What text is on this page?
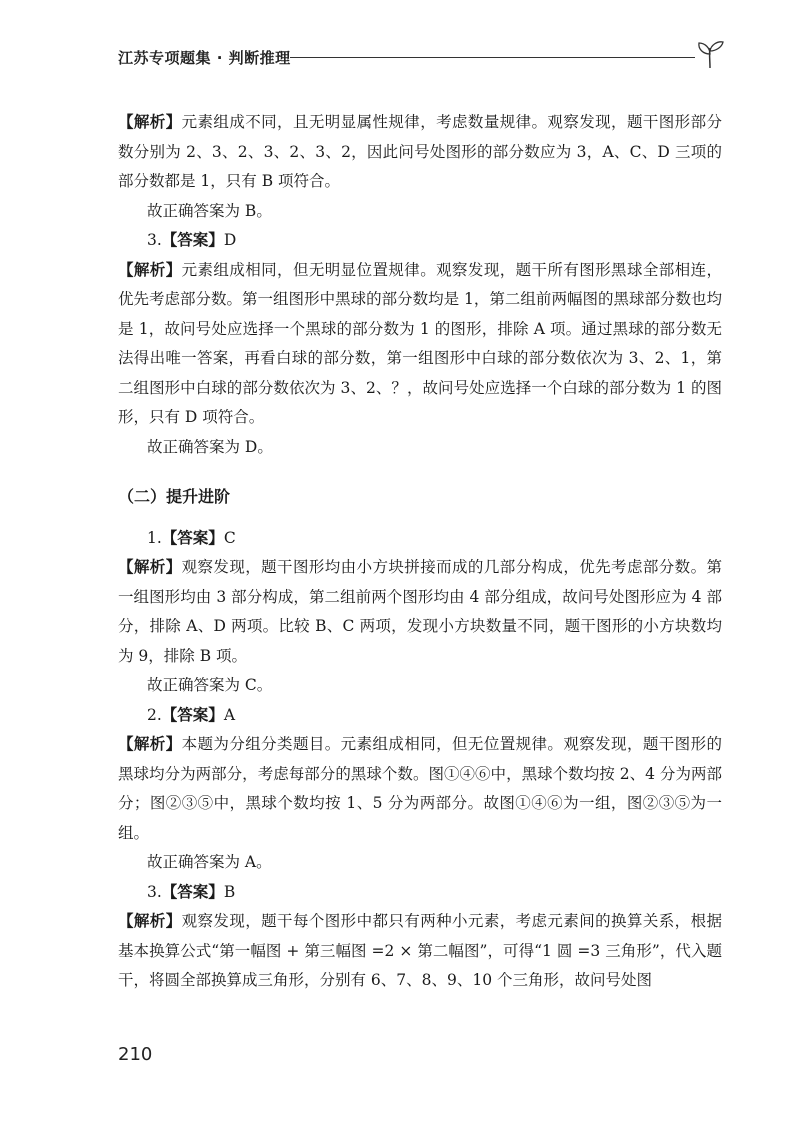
江苏专项题集 · 判断推理

【解析】元素组成不同，且无明显属性规律，考虑数量规律。观察发现，题干图形部分数分别为 2、3、2、3、2、3、2，因此问号处图形的部分数应为 3，A、C、D 三项的部分数都是 1，只有 B 项符合。

故正确答案为 B。

3.【答案】D

【解析】元素组成相同，但无明显位置规律。观察发现，题干所有图形黑球全部相连，优先考虑部分数。第一组图形中黑球的部分数均是 1，第二组前两幅图的黑球部分数也均是 1，故问号处应选择一个黑球的部分数为 1 的图形，排除 A 项。通过黑球的部分数无法得出唯一答案，再看白球的部分数，第一组图形中白球的部分数依次为 3、2、1，第二组图形中白球的部分数依次为 3、2、？，故问号处应选择一个白球的部分数为 1 的图形，只有 D 项符合。

故正确答案为 D。

（二）提升进阶

1.【答案】C

【解析】观察发现，题干图形均由小方块拼接而成的几部分构成，优先考虑部分数。第一组图形均由 3 部分构成，第二组前两个图形均由 4 部分组成，故问号处图形应为 4 部分，排除 A、D 两项。比较 B、C 两项，发现小方块数量不同，题干图形的小方块数均为 9，排除 B 项。

故正确答案为 C。

2.【答案】A

【解析】本题为分组分类题目。元素组成相同，但无位置规律。观察发现，题干图形的黑球均分为两部分，考虑每部分的黑球个数。图①④⑥中，黑球个数均按 2、4 分为两部分；图②③⑤中，黑球个数均按 1、5 分为两部分。故图①④⑥为一组，图②③⑤为一组。

故正确答案为 A。

3.【答案】B

【解析】观察发现，题干每个图形中都只有两种小元素，考虑元素间的换算关系，根据基本换算公式“第一幅图 + 第三幅图 =2 × 第二幅图”，可得“1 圆 =3 三角形”，代入题干，将圆全部换算成三角形，分别有 6、7、8、9、10 个三角形，故问号处图

210
